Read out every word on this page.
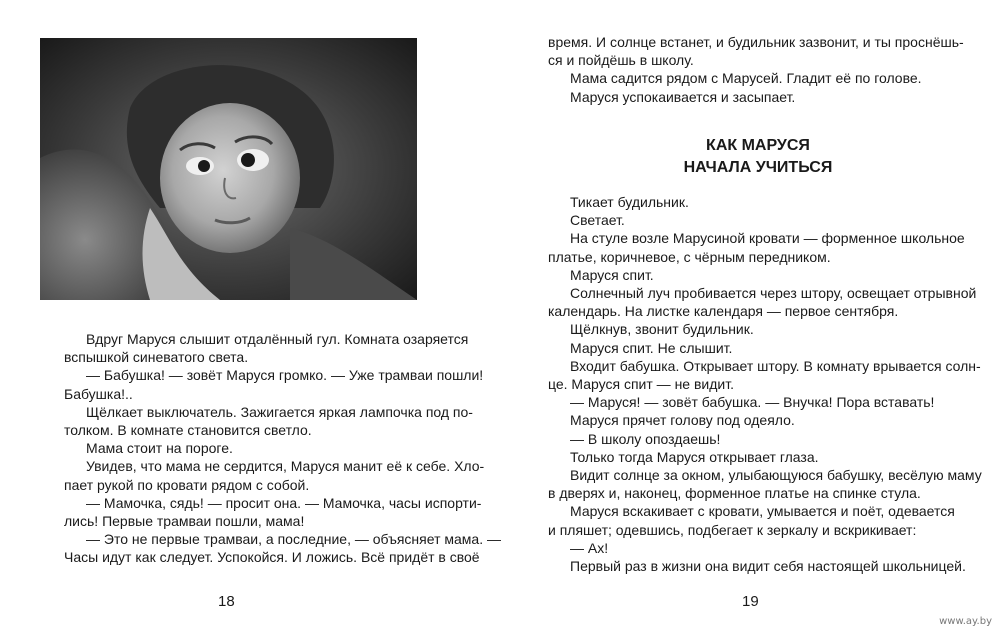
Вдруг Маруся слышит отдалённый гул. Комната озаряется
вспышкой синеватого света.

— Бабушка! — зовёт Маруся громко. — Уже трамваи пошли!
Бабушка!..

Щёлкает выключатель. Зажигается яркая лампочка под по-
толком. В комнате становится светло.

Мама стоит на пороге.

Увидев, что мама не сердится, Маруся манит её к себе. Хло-
пает рукой по кровати рядом с собой.

— Мамочка, сядь! — просит она. — Мамочка, часы испорти-
лись! Первые трамваи пошли, мама!

— Это не первые трамваи, а последние, — объясняет мама. —
Часы идут как следует. Успокойся. И ложись. Всё придёт в своё

18

время. И солнце встанет, и будильник зазвонит, и ты проснёшь-
ся и пойдёшь в школу.

Мама садится рядом с Марусей. Гладит её по голове.

Маруся успокаивается и засыпает.

КАК МАРУСЯ
НАЧАЛА УЧИТЬСЯ

Тикает будильник.

Светает.

На стуле возле Марусиной кровати — форменное школьное
платье, коричневое, с чёрным передником.

Маруся спит.

Солнечный луч пробивается через штору, освещает отрывной
календарь. На листке календаря — первое сентября.

Щёлкнув, звонит будильник.

Маруся спит. Не слышит.

Входит бабушка. Открывает штору. В комнату врывается солн-
це. Маруся спит — не видит.

— Маруся! — зовёт бабушка. — Внучка! Пора вставать!

Маруся прячет голову под одеяло.

— В школу опоздаешь!

Только тогда Маруся открывает глаза.

Видит солнце за окном, улыбающуюся бабушку, весёлую маму
в дверях и, наконец, форменное платье на спинке стула.

Маруся вскакивает с кровати, умывается и поёт, одевается
и пляшет; одевшись, подбегает к зеркалу и вскрикивает:

— Ах!

Первый раз в жизни она видит себя настоящей школьницей.

19
www.ay.by
